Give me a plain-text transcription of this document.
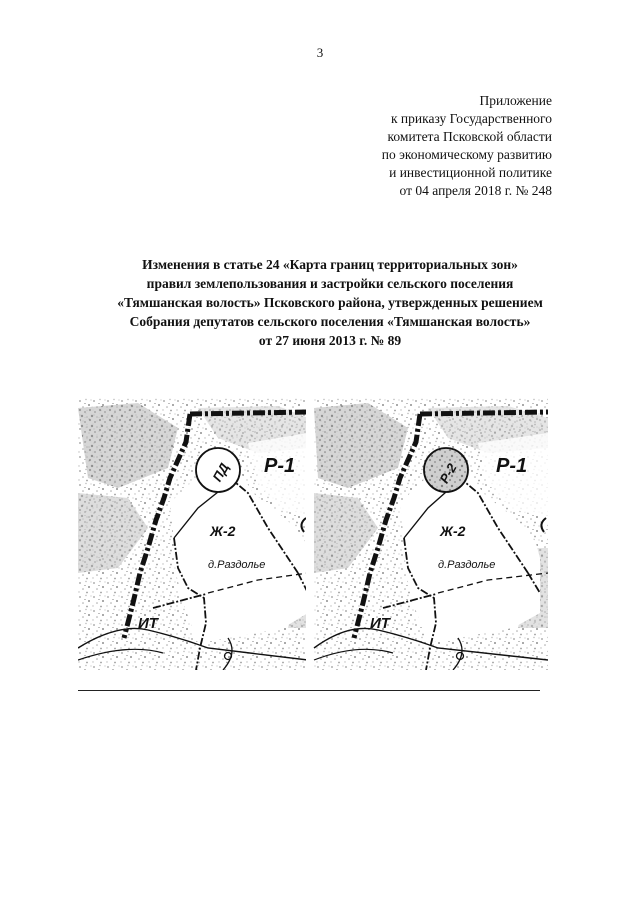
3
Приложение
к приказу Государственного
комитета Псковской области
по экономическому развитию
и инвестиционной политике
от 04 апреля 2018 г. № 248
Изменения в статье 24 «Карта границ территориальных зон»
правил землепользования и застройки сельского поселения
«Тямшанская волость» Псковского района, утвержденных решением
Собрания депутатов сельского поселения «Тямшанская волость»
от 27 июня 2013 г. № 89
Р-1
Ж-2
д.Раздолье
ИТ
ПД	Р-1
Ж-2
д.Раздолье
ИТ
Р-2
